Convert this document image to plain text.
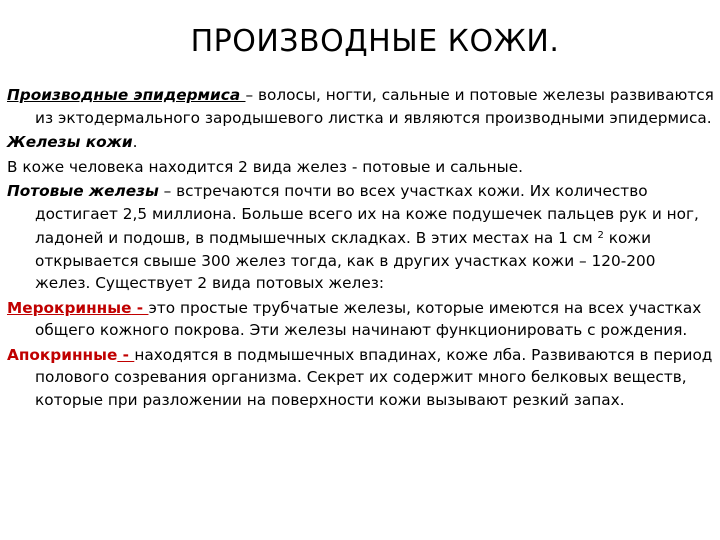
ПРОИЗВОДНЫЕ КОЖИ.

Производные эпидермиса – волосы, ногти, сальные и потовые железы развиваются из эктодермального зародышевого листка и являются производными эпидермиса.

Железы кожи.

В коже человека находится 2 вида желез - потовые и сальные.

Потовые железы – встречаются почти во всех участках кожи. Их количество достигает 2,5 миллиона. Больше всего их на коже подушечек пальцев рук и ног, ладоней и подошв, в подмышечных складках. В этих местах на 1 см $^2$ кожи открывается свыше 300 желез тогда, как в других участках кожи – 120-200 желез. Существует 2 вида потовых желез:

Мерокринные - это простые трубчатые железы, которые имеются на всех участках общего кожного покрова. Эти железы начинают функционировать с рождения.

Апокринные - находятся в подмышечных впадинах, коже лба. Развиваются в период полового созревания организма. Секрет их содержит много белковых веществ, которые при разложении на поверхности кожи вызывают резкий запах.
